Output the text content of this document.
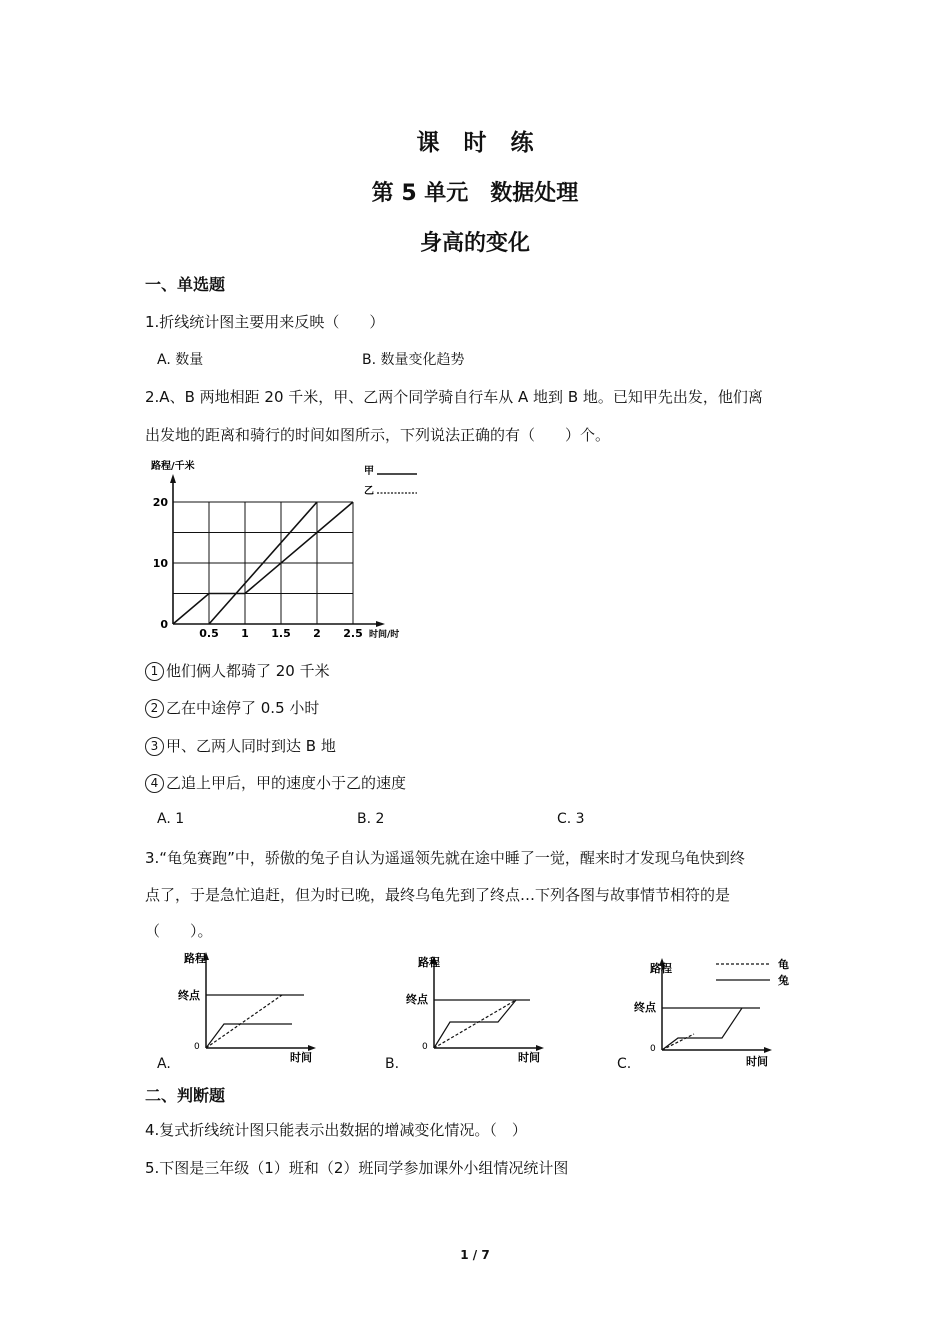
课 时 练
第 5 单元　数据处理
身高的变化
一、单选题
1.折线统计图主要用来反映（　　）
A. 数量	B. 数量变化趋势
2.A、B 两地相距 20 千米，甲、乙两个同学骑自行车从 A 地到 B 地。已知甲先出发，他们离
出发地的距离和骑行的时间如图所示，下列说法正确的有（　　）个。
路程/千米
时间/时
0.5 1 1.5 2 2.5
0
10
20
甲
乙
1 他们俩人都骑了 20 千米
2 乙在中途停了 0.5 小时
3 甲、乙两人同时到达 B 地
4 乙追上甲后，甲的速度小于乙的速度
A. 1	B. 2	C. 3
3.“龟兔赛跑”中，骄傲的兔子自认为遥遥领先就在途中睡了一觉，醒来时才发现乌龟快到终
点了，于是急忙追赶，但为时已晚，最终乌龟先到了终点…下列各图与故事情节相符的是
（　　）。
路程
时间
终点
0
A.
路程
时间
终点
0
B.
路程
时间
终点
0
龟
兔
C.
二、判断题
4.复式折线统计图只能表示出数据的增减变化情况。（　）
5.下图是三年级（1）班和（2）班同学参加课外小组情况统计图
1 / 7
